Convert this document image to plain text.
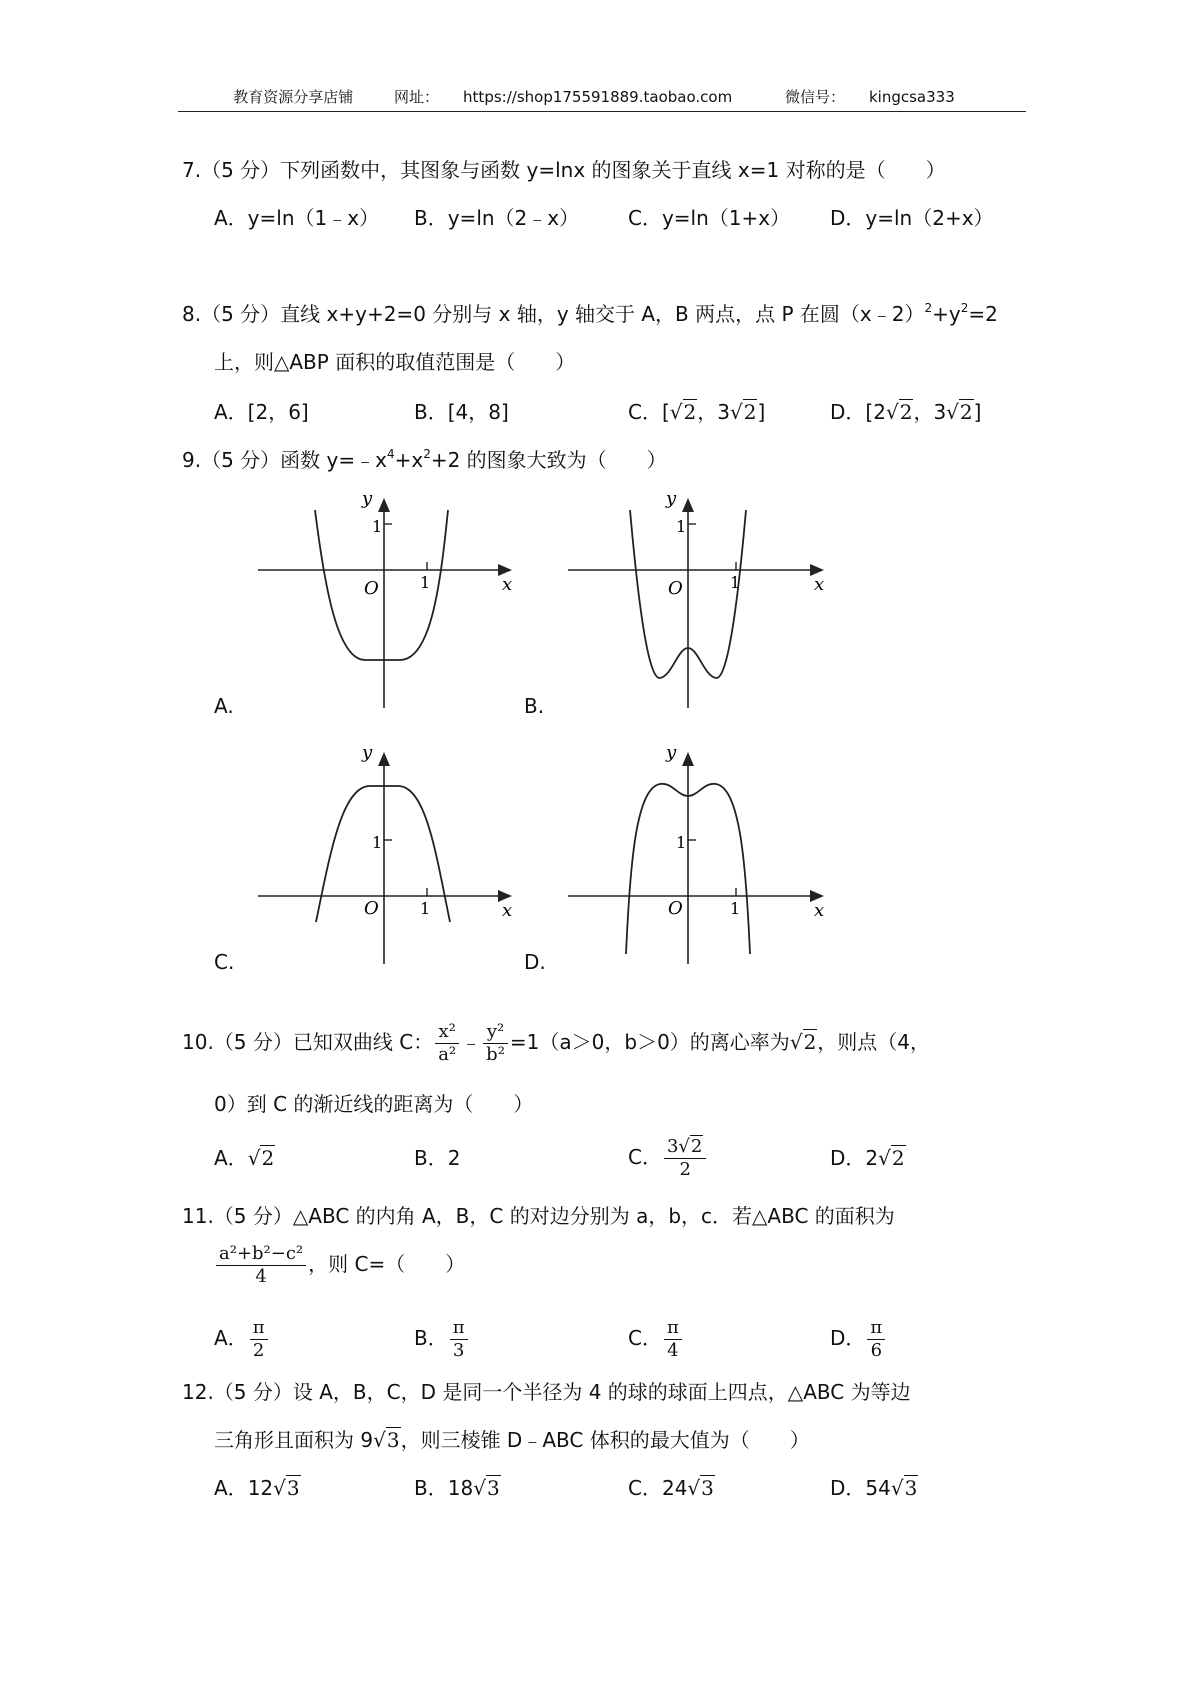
教育资源分享店铺	网址： https://shop175591889.taobao.com	微信号： kingcsa333
7.（5 分）下列函数中，其图象与函数 y=lnx 的图象关于直线 x=1 对称的是（　　）
A．y=ln（1﹣x） B．y=ln（2﹣x） C．y=ln（1+x） D．y=ln（2+x）
8.（5 分）直线 x+y+2=0 分别与 x 轴，y 轴交于 A，B 两点，点 P 在圆$(x﹣2)^2+y^2=2$
上，则△ABP 面积的取值范围是（　　）
A．[2，6]	B．[4，8]	C．[√2，3√2]	D．[2√2，3√2]
9.（5 分）函数 $y=﹣x^4+x^2+2$ 的图象大致为（　　）
y
1
O	1	x
A.
y
1
O	1	x
B.
y
1
O	1	x
C.
y
1
O	1	x
D.
10.（5 分）已知双曲线 C： $\frac{\text{x²}}{\text{a²}}$ ﹣ $\frac{\text{y²}}{\text{b²}} =1(a>0$，b＞0）的离心率为√2，则点（4，
0）到 C 的渐近线的距离为（　　）
A．√2	B．2	C． $\frac{3√2}{2}$	D．2√2
11.（5 分）△ABC 的内角 A，B，C 的对边分别为 a，b，c．若△ABC 的面积为
$\frac{\text{a²+b²−c²}}{4}$ ，则 C=（　　）
A． $\frac{\pi}{2}$	B． $\frac{\pi}{3}$	C． $\frac{\pi}{4}$	D． $\frac{\pi}{6}$
12.（5 分）设 A，B，C，D 是同一个半径为 4 的球的球面上四点，△ABC 为等边
三角形且面积为 9√3，则三棱锥 D﹣ABC 体积的最大值为（　　）
A．12√3	B．18√3	C．24√3	D．54√3
